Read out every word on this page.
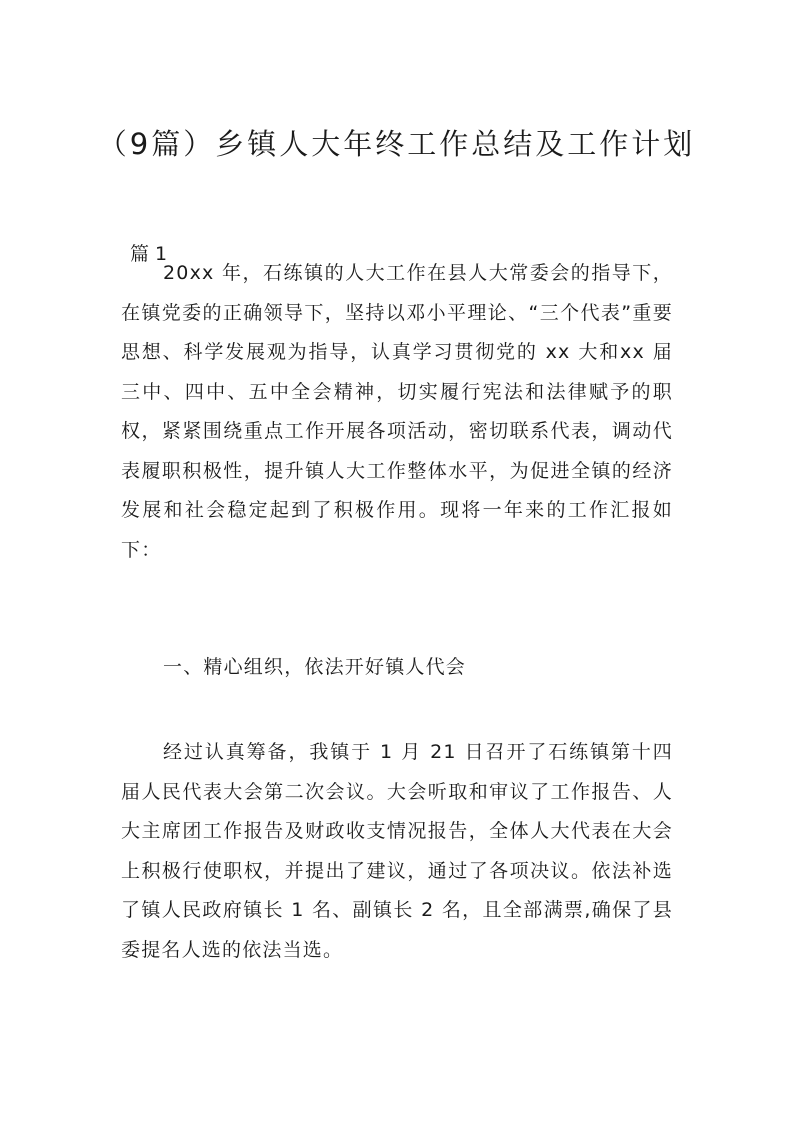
（9篇）乡镇人大年终工作总结及工作计划

篇 1

20xx 年，石练镇的人大工作在县人大常委会的指导下，在镇党委的正确领导下，坚持以邓小平理论、“三个代表”重要思想、科学发展观为指导，认真学习贯彻党的 xx 大和xx 届三中、四中、五中全会精神，切实履行宪法和法律赋予的职权，紧紧围绕重点工作开展各项活动，密切联系代表，调动代表履职积极性，提升镇人大工作整体水平，为促进全镇的经济发展和社会稳定起到了积极作用。现将一年来的工作汇报如下：

一、精心组织，依法开好镇人代会

经过认真筹备，我镇于 1 月 21 日召开了石练镇第十四届人民代表大会第二次会议。大会听取和审议了工作报告、人大主席团工作报告及财政收支情况报告，全体人大代表在大会上积极行使职权，并提出了建议，通过了各项决议。依法补选了镇人民政府镇长 1 名、副镇长 2 名，且全部满票,确保了县委提名人选的依法当选。
